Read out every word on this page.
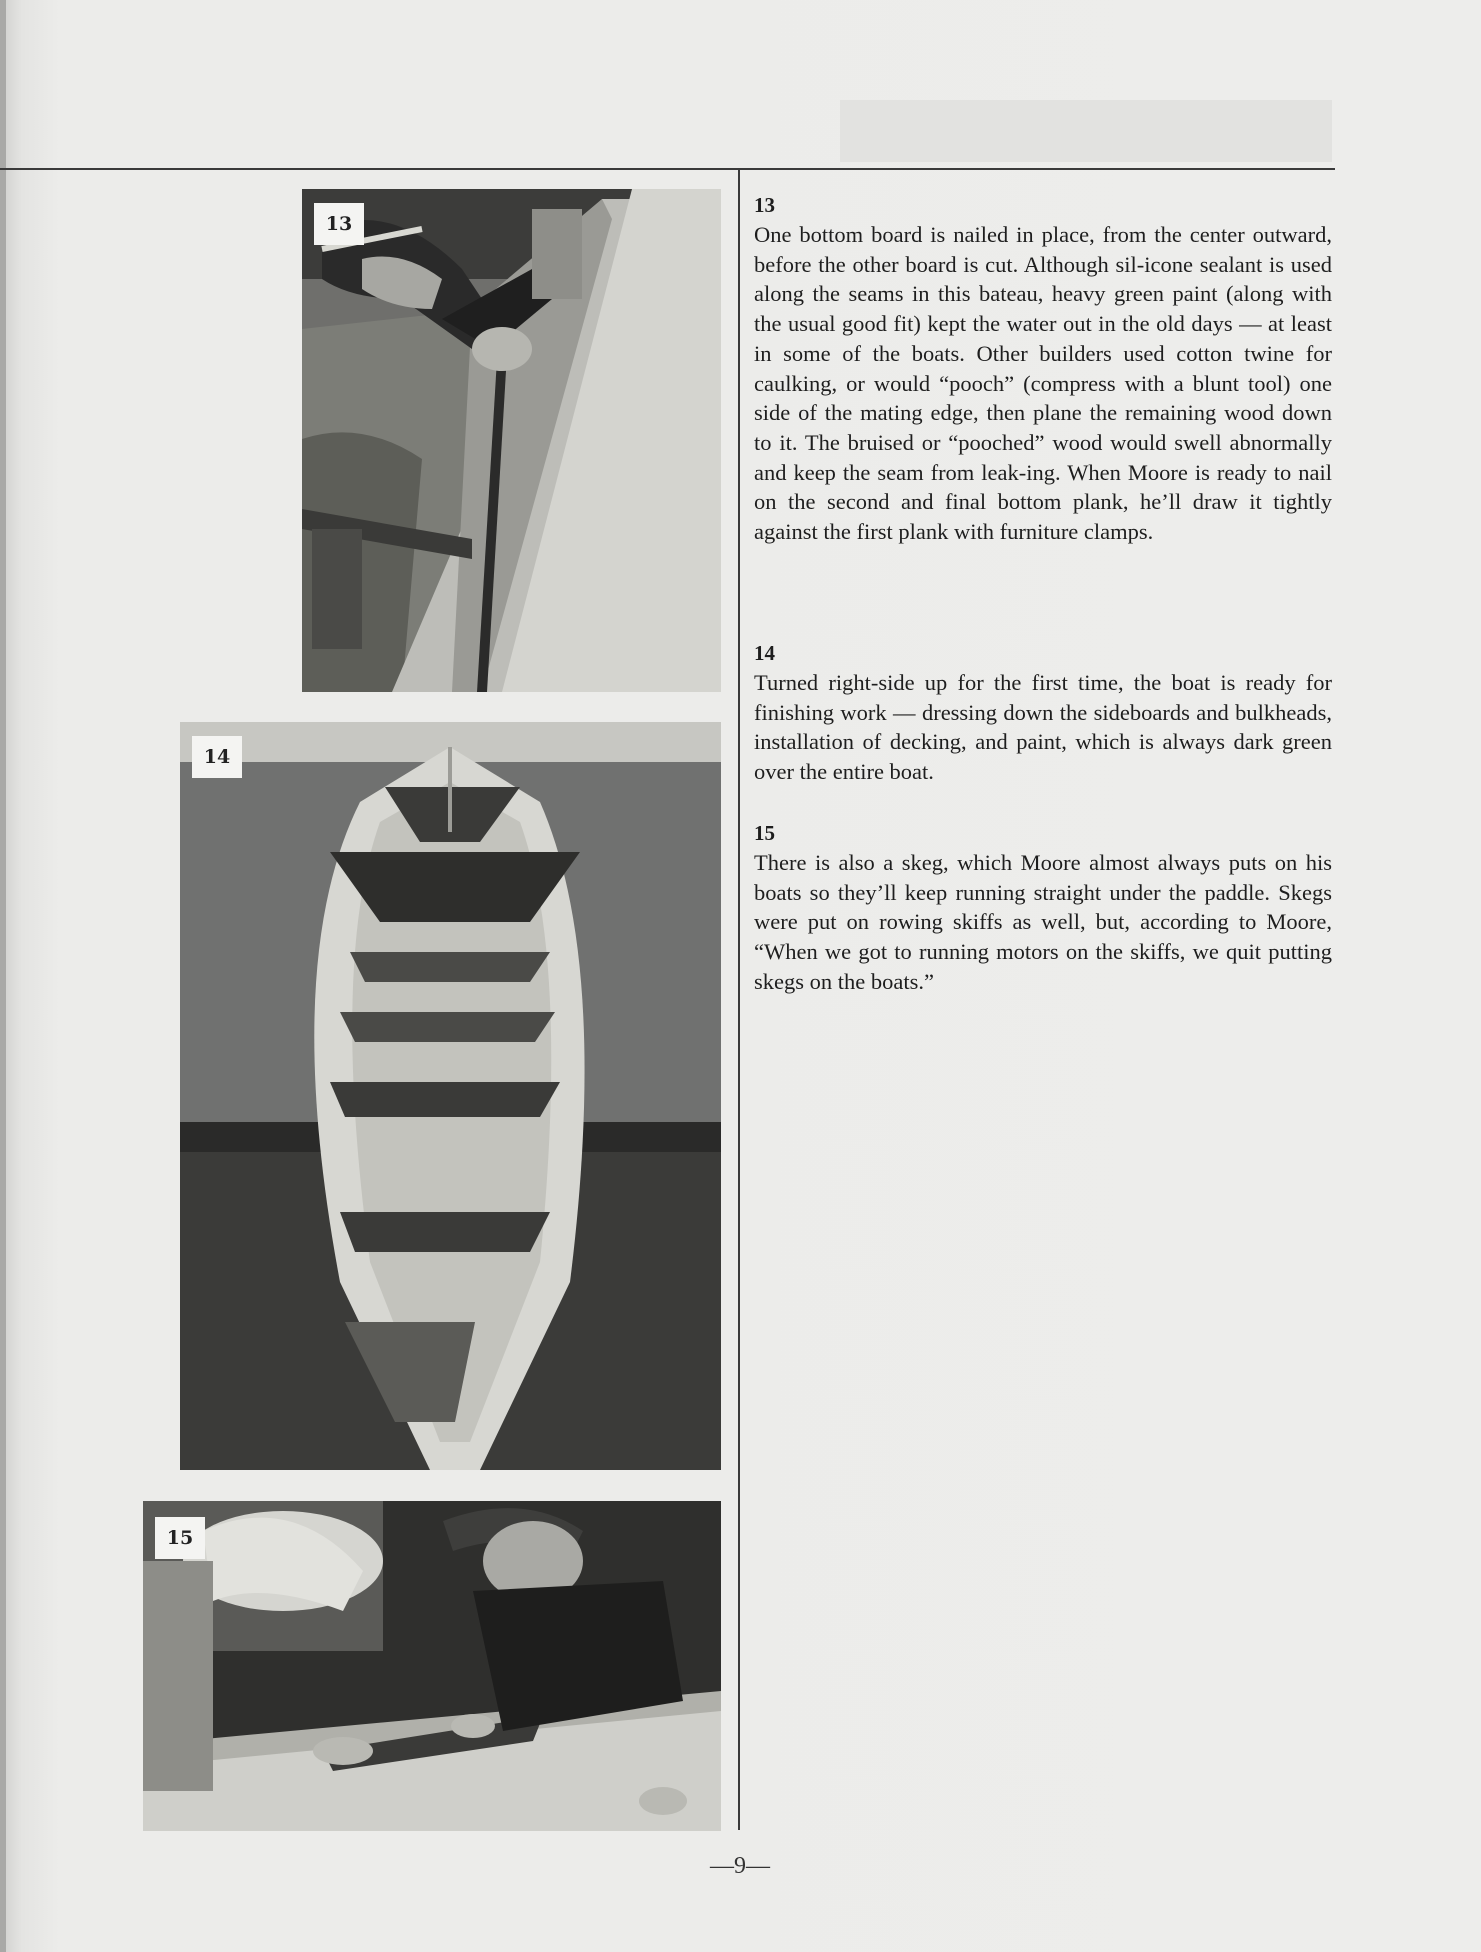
13
14
15
13

One bottom board is nailed in place, from the center outward, before the other board is cut. Although sil-icone sealant is used along the seams in this bateau, heavy green paint (along with the usual good fit) kept the water out in the old days — at least in some of the boats. Other builders used cotton twine for caulking, or would “pooch” (compress with a blunt tool) one side of the mating edge, then plane the remaining wood down to it. The bruised or “pooched” wood would swell abnormally and keep the seam from leak-ing. When Moore is ready to nail on the second and final bottom plank, he’ll draw it tightly against the first plank with furniture clamps.

14

Turned right-side up for the first time, the boat is ready for finishing work — dressing down the sideboards and bulkheads, installation of decking, and paint, which is always dark green over the entire boat.

15

There is also a skeg, which Moore almost always puts on his boats so they’ll keep running straight under the paddle. Skegs were put on rowing skiffs as well, but, according to Moore, “When we got to running motors on the skiffs, we quit putting skegs on the boats.”

—9—
